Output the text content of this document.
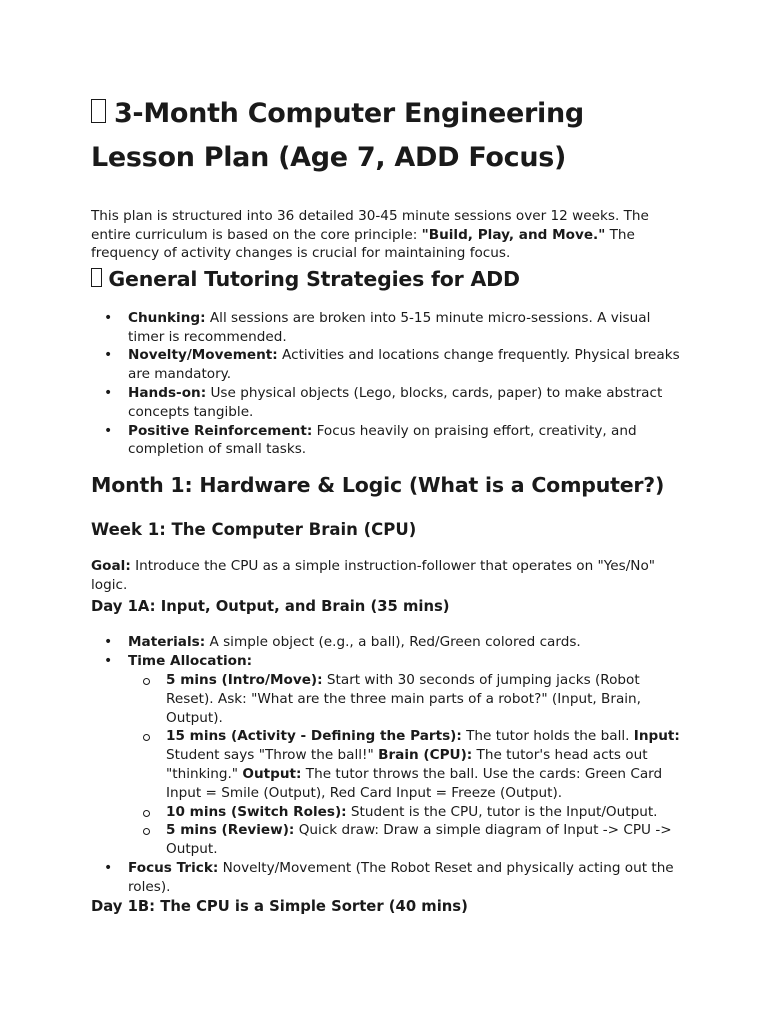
3-Month Computer Engineering
Lesson Plan (Age 7, ADD Focus)

This plan is structured into 36 detailed 30-45 minute sessions over 12 weeks. The entire curriculum is based on the core principle: "Build, Play, and Move." The frequency of activity changes is crucial for maintaining focus.

General Tutoring Strategies for ADD
• Chunking: All sessions are broken into 5-15 minute micro-sessions. A visual timer is recommended.
• Novelty/Movement: Activities and locations change frequently. Physical breaks are mandatory.
• Hands-on: Use physical objects (Lego, blocks, cards, paper) to make abstract concepts tangible.
• Positive Reinforcement: Focus heavily on praising effort, creativity, and completion of small tasks.
Month 1: Hardware & Logic (What is a Computer?)
Week 1: The Computer Brain (CPU)

Goal: Introduce the CPU as a simple instruction-follower that operates on "Yes/No" logic.

Day 1A: Input, Output, and Brain (35 mins)
• Materials: A simple object (e.g., a ball), Red/Green colored cards.
• Time Allocation:
5 mins (Intro/Move): Start with 30 seconds of jumping jacks (Robot Reset). Ask: "What are the three main parts of a robot?" (Input, Brain, Output).
15 mins (Activity - Defining the Parts): The tutor holds the ball. Input: Student says "Throw the ball!" Brain (CPU): The tutor's head acts out "thinking." Output: The tutor throws the ball. Use the cards: Green Card Input = Smile (Output), Red Card Input = Freeze (Output).
10 mins (Switch Roles): Student is the CPU, tutor is the Input/Output.
5 mins (Review): Quick draw: Draw a simple diagram of Input -> CPU -> Output.
• Focus Trick: Novelty/Movement (The Robot Reset and physically acting out the roles).
Day 1B: The CPU is a Simple Sorter (40 mins)
